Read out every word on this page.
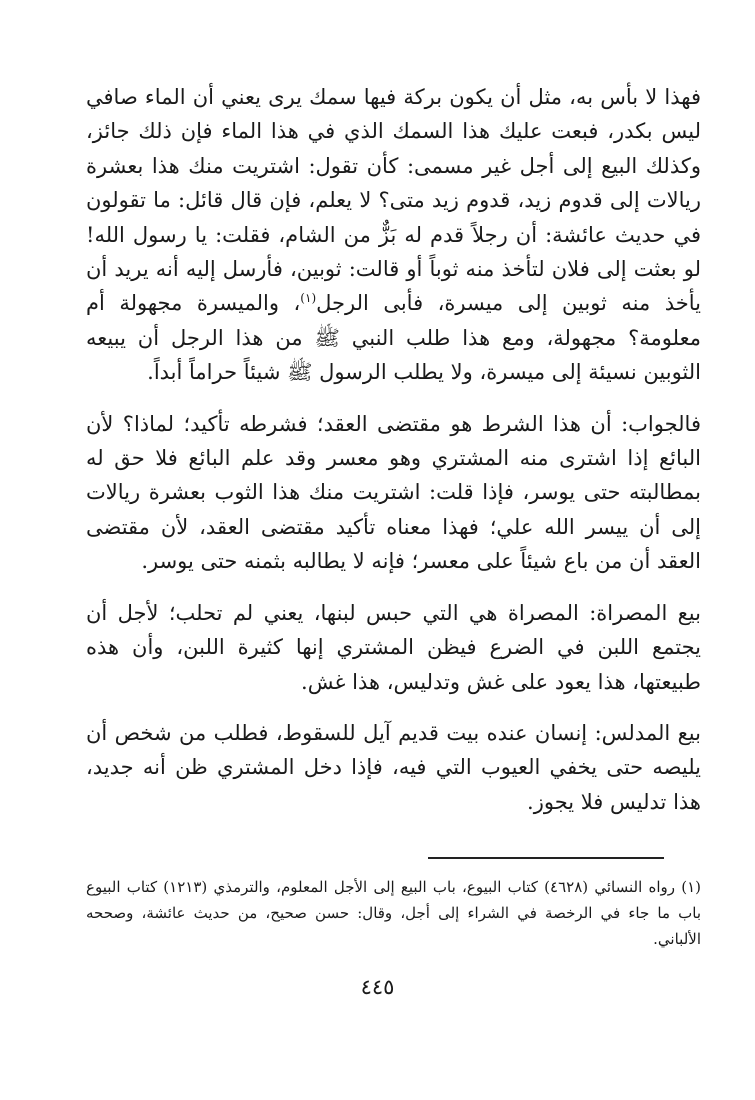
فهذا لا بأس به، مثل أن يكون بركة فيها سمك يرى يعني أن الماء صافي ليس بكدر، فبعت عليك هذا السمك الذي في هذا الماء فإن ذلك جائز، وكذلك البيع إلى أجل غير مسمى: كأن تقول: اشتريت منك هذا بعشرة ريالات إلى قدوم زيد، قدوم زيد متى؟ لا يعلم، فإن قال قائل: ما تقولون في حديث عائشة: أن رجلاً قدم له بَزٌّ من الشام، فقلت: يا رسول الله! لو بعثت إلى فلان لتأخذ منه ثوباً أو قالت: ثوبين، فأرسل إليه أنه يريد أن يأخذ منه ثوبين إلى ميسرة، فأبى الرجل$^{(١)}$، والميسرة مجهولة أم معلومة؟ مجهولة، ومع هذا طلب النبي ﷺ من هذا الرجل أن يبيعه الثوبين نسيئة إلى ميسرة، ولا يطلب الرسول ﷺ شيئاً حراماً أبداً.

فالجواب: أن هذا الشرط هو مقتضى العقد؛ فشرطه تأكيد؛ لماذا؟ لأن البائع إذا اشترى منه المشتري وهو معسر وقد علم البائع فلا حق له بمطالبته حتى يوسر، فإذا قلت: اشتريت منك هذا الثوب بعشرة ريالات إلى أن ييسر الله علي؛ فهذا معناه تأكيد مقتضى العقد، لأن مقتضى العقد أن من باع شيئاً على معسر؛ فإنه لا يطالبه بثمنه حتى يوسر.

بيع المصراة: المصراة هي التي حبس لبنها، يعني لم تحلب؛ لأجل أن يجتمع اللبن في الضرع فيظن المشتري إنها كثيرة اللبن، وأن هذه طبيعتها، هذا يعود على غش وتدليس، هذا غش.

بيع المدلس: إنسان عنده بيت قديم آيل للسقوط، فطلب من شخص أن يليصه حتى يخفي العيوب التي فيه، فإذا دخل المشتري ظن أنه جديد، هذا تدليس فلا يجوز.

(١) رواه النسائي (٤٦٢٨) كتاب البيوع، باب البيع إلى الأجل المعلوم، والترمذي (١٢١٣) كتاب البيوع باب ما جاء في الرخصة في الشراء إلى أجل، وقال: حسن صحيح، من حديث عائشة، وصححه الألباني.

٤٤٥
